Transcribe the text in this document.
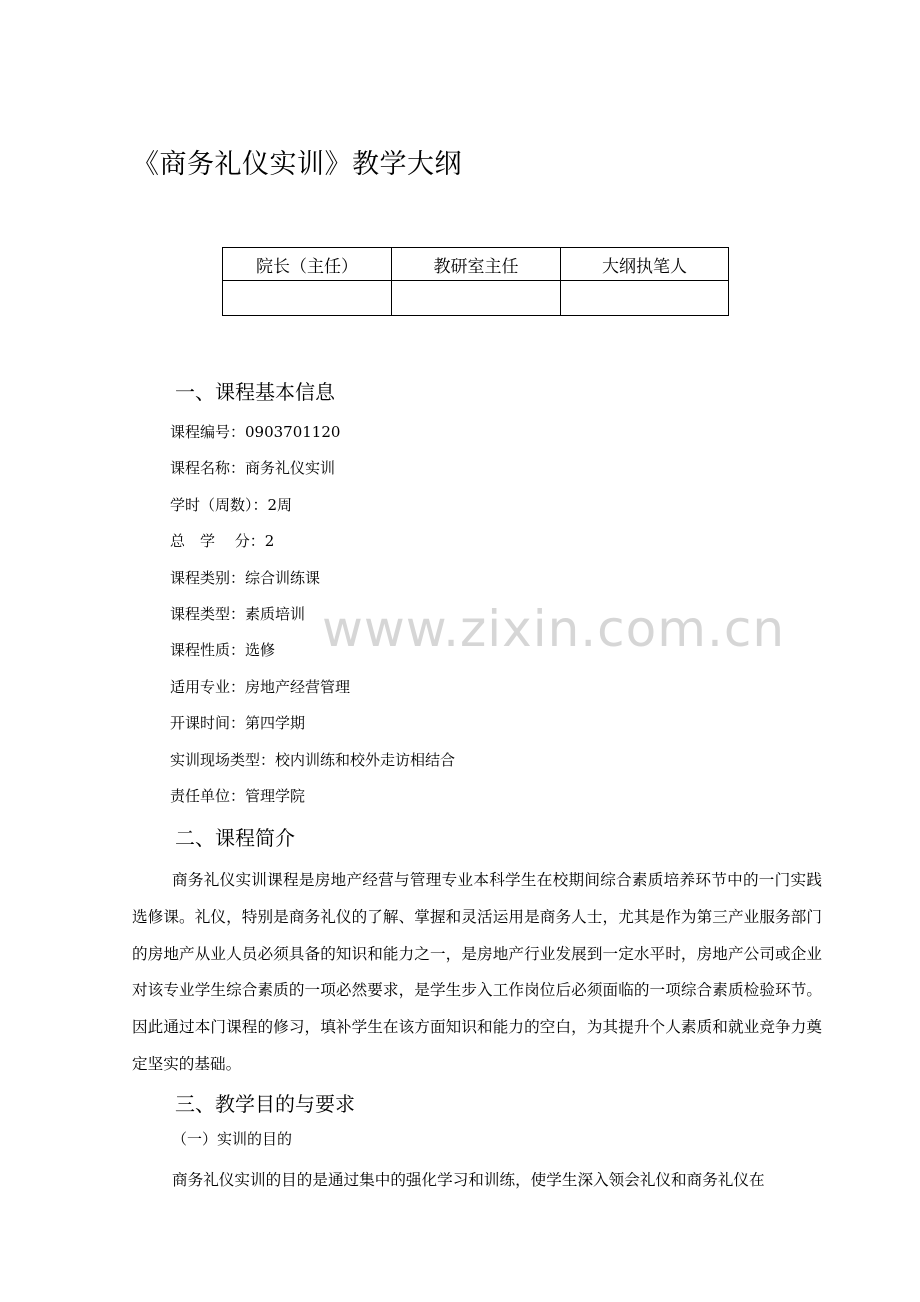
《商务礼仪实训》教学大纲
院长（主任）	教研室主任	大纲执笔人

一、课程基本信息
课程编号：0903701120
课程名称：商务礼仪实训
学时（周数）：2周
总　学　 分：2
课程类别：综合训练课
课程类型：素质培训
课程性质：选修
适用专业：房地产经营管理
开课时间：第四学期
实训现场类型：校内训练和校外走访相结合
责任单位：管理学院
二、课程简介

商务礼仪实训课程是房地产经营与管理专业本科学生在校期间综合素质培养环节中的一门实践选修课。礼仪，特别是商务礼仪的了解、掌握和灵活运用是商务人士，尤其是作为第三产业服务部门的房地产从业人员必须具备的知识和能力之一，是房地产行业发展到一定水平时，房地产公司或企业对该专业学生综合素质的一项必然要求，是学生步入工作岗位后必须面临的一项综合素质检验环节。因此通过本门课程的修习，填补学生在该方面知识和能力的空白，为其提升个人素质和就业竞争力奠定坚实的基础。

三、教学目的与要求
（一）实训的目的

商务礼仪实训的目的是通过集中的强化学习和训练，使学生深入领会礼仪和商务礼仪在

www.zixin.com.cn
